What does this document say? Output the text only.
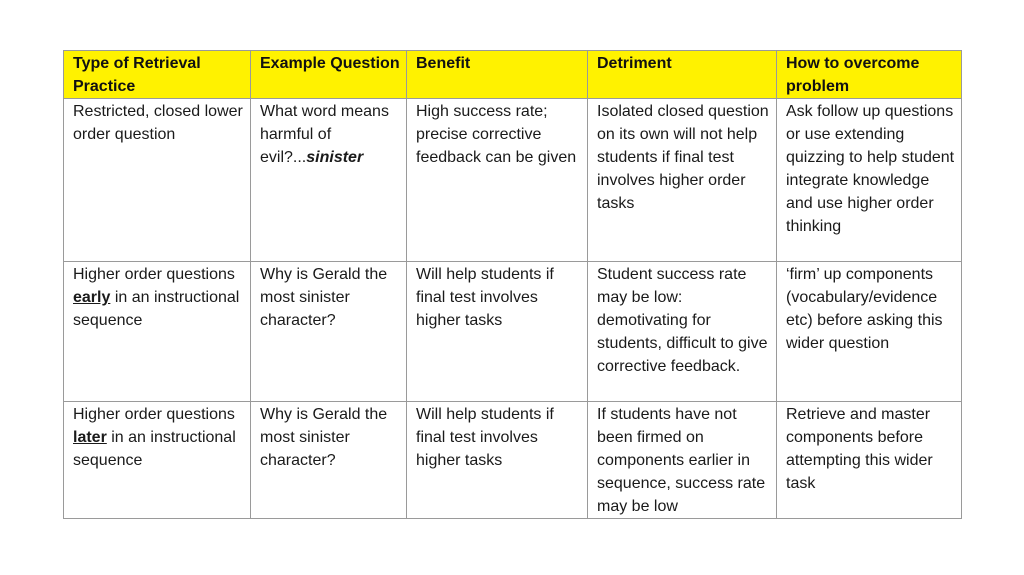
Type of Retrieval Practice	Example Question	Benefit	Detriment	How to overcome problem
Restricted, closed lower order question	What word means harmful of evil?...sinister	High success rate; precise corrective feedback can be given	Isolated closed question on its own will not help students if final test involves higher order tasks	Ask follow up questions or use extending quizzing to help student integrate knowledge and use higher order thinking
Higher order questions early in an instructional sequence	Why is Gerald the most sinister character?	Will help students if final test involves higher tasks	Student success rate may be low: demotivating for students, difficult to give corrective feedback.	‘firm’ up components (vocabulary/evidence etc) before asking this wider question
Higher order questions later in an instructional sequence	Why is Gerald the most sinister character?	Will help students if final test involves higher tasks	If students have not been firmed on components earlier in sequence, success rate may be low	Retrieve and master components before attempting this wider task
